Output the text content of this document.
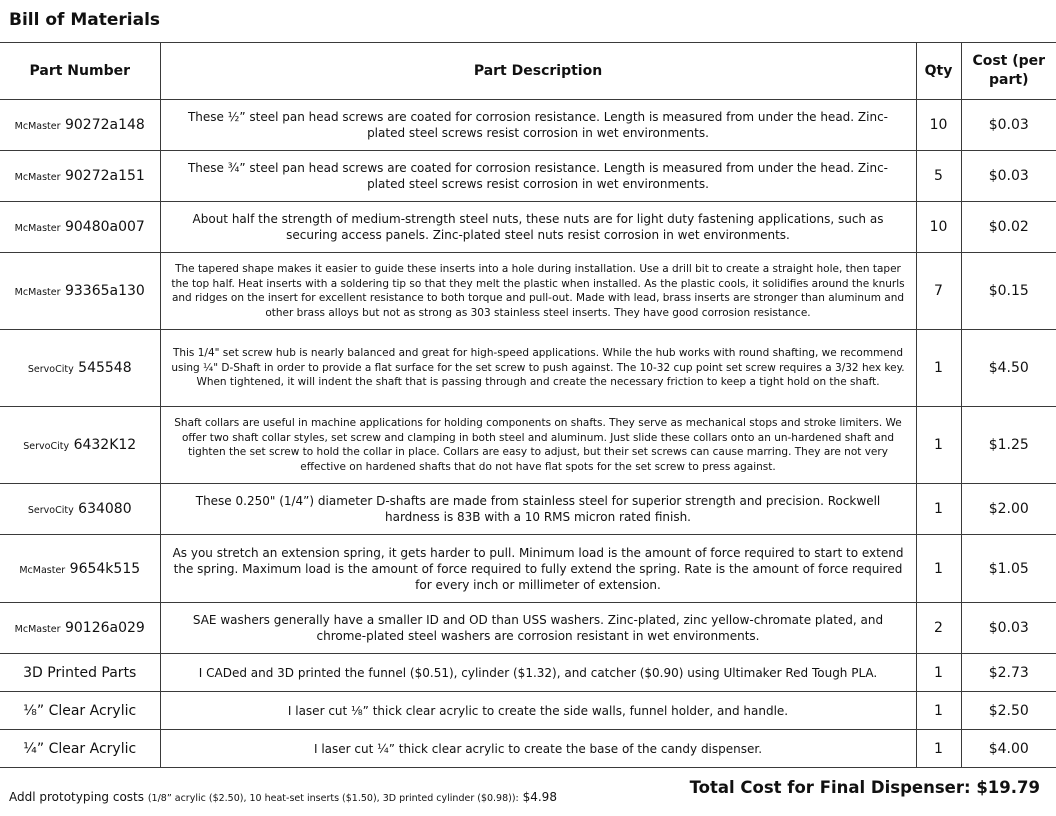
Bill of Materials
Part Number	Part Description	Qty	Cost (per part)
McMaster 90272a148	These ½” steel pan head screws are coated for corrosion resistance. Length is measured from under the head. Zinc-plated steel screws resist corrosion in wet environments.	10	$0.03
McMaster 90272a151	These ¾” steel pan head screws are coated for corrosion resistance. Length is measured from under the head. Zinc-plated steel screws resist corrosion in wet environments.	5	$0.03
McMaster 90480a007	About half the strength of medium-strength steel nuts, these nuts are for light duty fastening applications, such as securing access panels. Zinc-plated steel nuts resist corrosion in wet environments.	10	$0.02
McMaster 93365a130	The tapered shape makes it easier to guide these inserts into a hole during installation. Use a drill bit to create a straight hole, then taper the top half. Heat inserts with a soldering tip so that they melt the plastic when installed. As the plastic cools, it solidifies around the knurls and ridges on the insert for excellent resistance to both torque and pull-out. Made with lead, brass inserts are stronger than aluminum and other brass alloys but not as strong as 303 stainless steel inserts. They have good corrosion resistance.	7	$0.15
ServoCity 545548	This 1/4" set screw hub is nearly balanced and great for high-speed applications. While the hub works with round shafting, we recommend using ¼" D-Shaft in order to provide a flat surface for the set screw to push against. The 10-32 cup point set screw requires a 3/32 hex key. When tightened, it will indent the shaft that is passing through and create the necessary friction to keep a tight hold on the shaft.	1	$4.50
ServoCity 6432K12	Shaft collars are useful in machine applications for holding components on shafts. They serve as mechanical stops and stroke limiters. We offer two shaft collar styles, set screw and clamping in both steel and aluminum. Just slide these collars onto an un-hardened shaft and tighten the set screw to hold the collar in place. Collars are easy to adjust, but their set screws can cause marring. They are not very effective on hardened shafts that do not have flat spots for the set screw to press against.	1	$1.25
ServoCity 634080	These 0.250" (1/4”) diameter D-shafts are made from stainless steel for superior strength and precision. Rockwell hardness is 83B with a 10 RMS micron rated finish.	1	$2.00
McMaster 9654k515	As you stretch an extension spring, it gets harder to pull. Minimum load is the amount of force required to start to extend the spring. Maximum load is the amount of force required to fully extend the spring. Rate is the amount of force required for every inch or millimeter of extension.	1	$1.05
McMaster 90126a029	SAE washers generally have a smaller ID and OD than USS washers. Zinc-plated, zinc yellow-chromate plated, and chrome-plated steel washers are corrosion resistant in wet environments.	2	$0.03
3D Printed Parts	I CADed and 3D printed the funnel ($0.51), cylinder ($1.32), and catcher ($0.90) using Ultimaker Red Tough PLA.	1	$2.73
⅛” Clear Acrylic	I laser cut ⅛” thick clear acrylic to create the side walls, funnel holder, and handle.	1	$2.50
¼” Clear Acrylic	I laser cut ¼” thick clear acrylic to create the base of the candy dispenser.	1	$4.00
Addl prototyping costs (1/8” acrylic ($2.50), 10 heat-set inserts ($1.50), 3D printed cylinder ($0.98)): $4.98	Total Cost for Final Dispenser: $19.79
